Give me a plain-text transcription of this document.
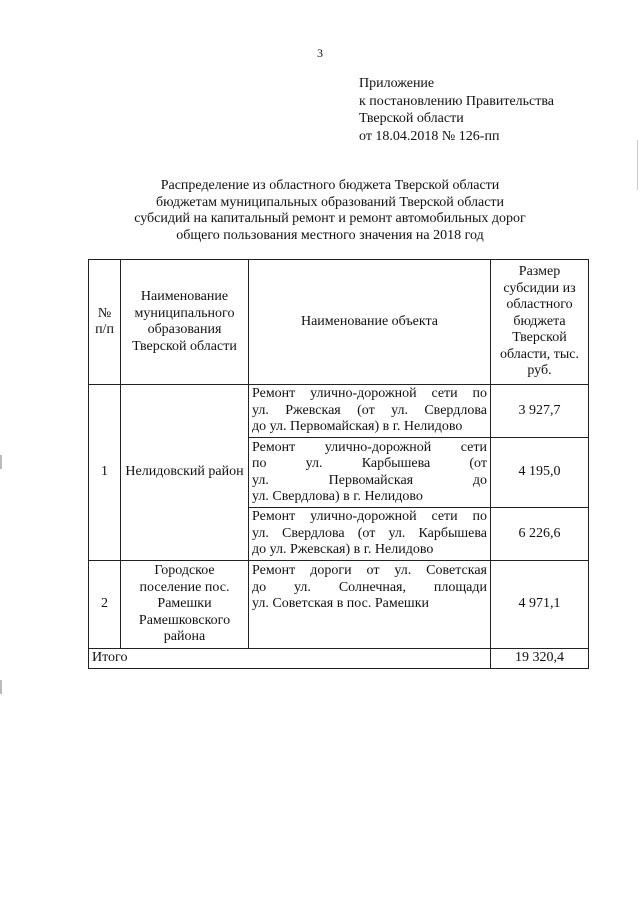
3
Приложение
к постановлению Правительства
Тверской области
от 18.04.2018 № 126-пп
Распределение из областного бюджета Тверской области
бюджетам муниципальных образований Тверской области
субсидий на капитальный ремонт и ремонт автомобильных дорог
общего пользования местного значения на 2018 год
№ п/п	Наименование муниципального образования Тверской области	Наименование объекта	Размер субсидии из областного бюджета Тверской области, тыс. руб.
1	Нелидовский район	Ремонт улично-дорожной сети по
ул. Ржевская (от ул. Свердлова
до ул. Первомайская) в г. Нелидово	3 927,7

		Ремонт улично-дорожной сети
по ул. Карбышева (от
ул. Первомайская до
ул. Свердлова) в г. Нелидово	4 195,0

		Ремонт улично-дорожной сети по
ул. Свердлова (от ул. Карбышева
до ул. Ржевская) в г. Нелидово	6 226,6
2	Городское поселение пос. Рамешки Рамешковского района	Ремонт дороги от ул. Советская
до ул. Солнечная, площади
ул. Советская в пос. Рамешки	4 971,1
Итого			19 320,4
